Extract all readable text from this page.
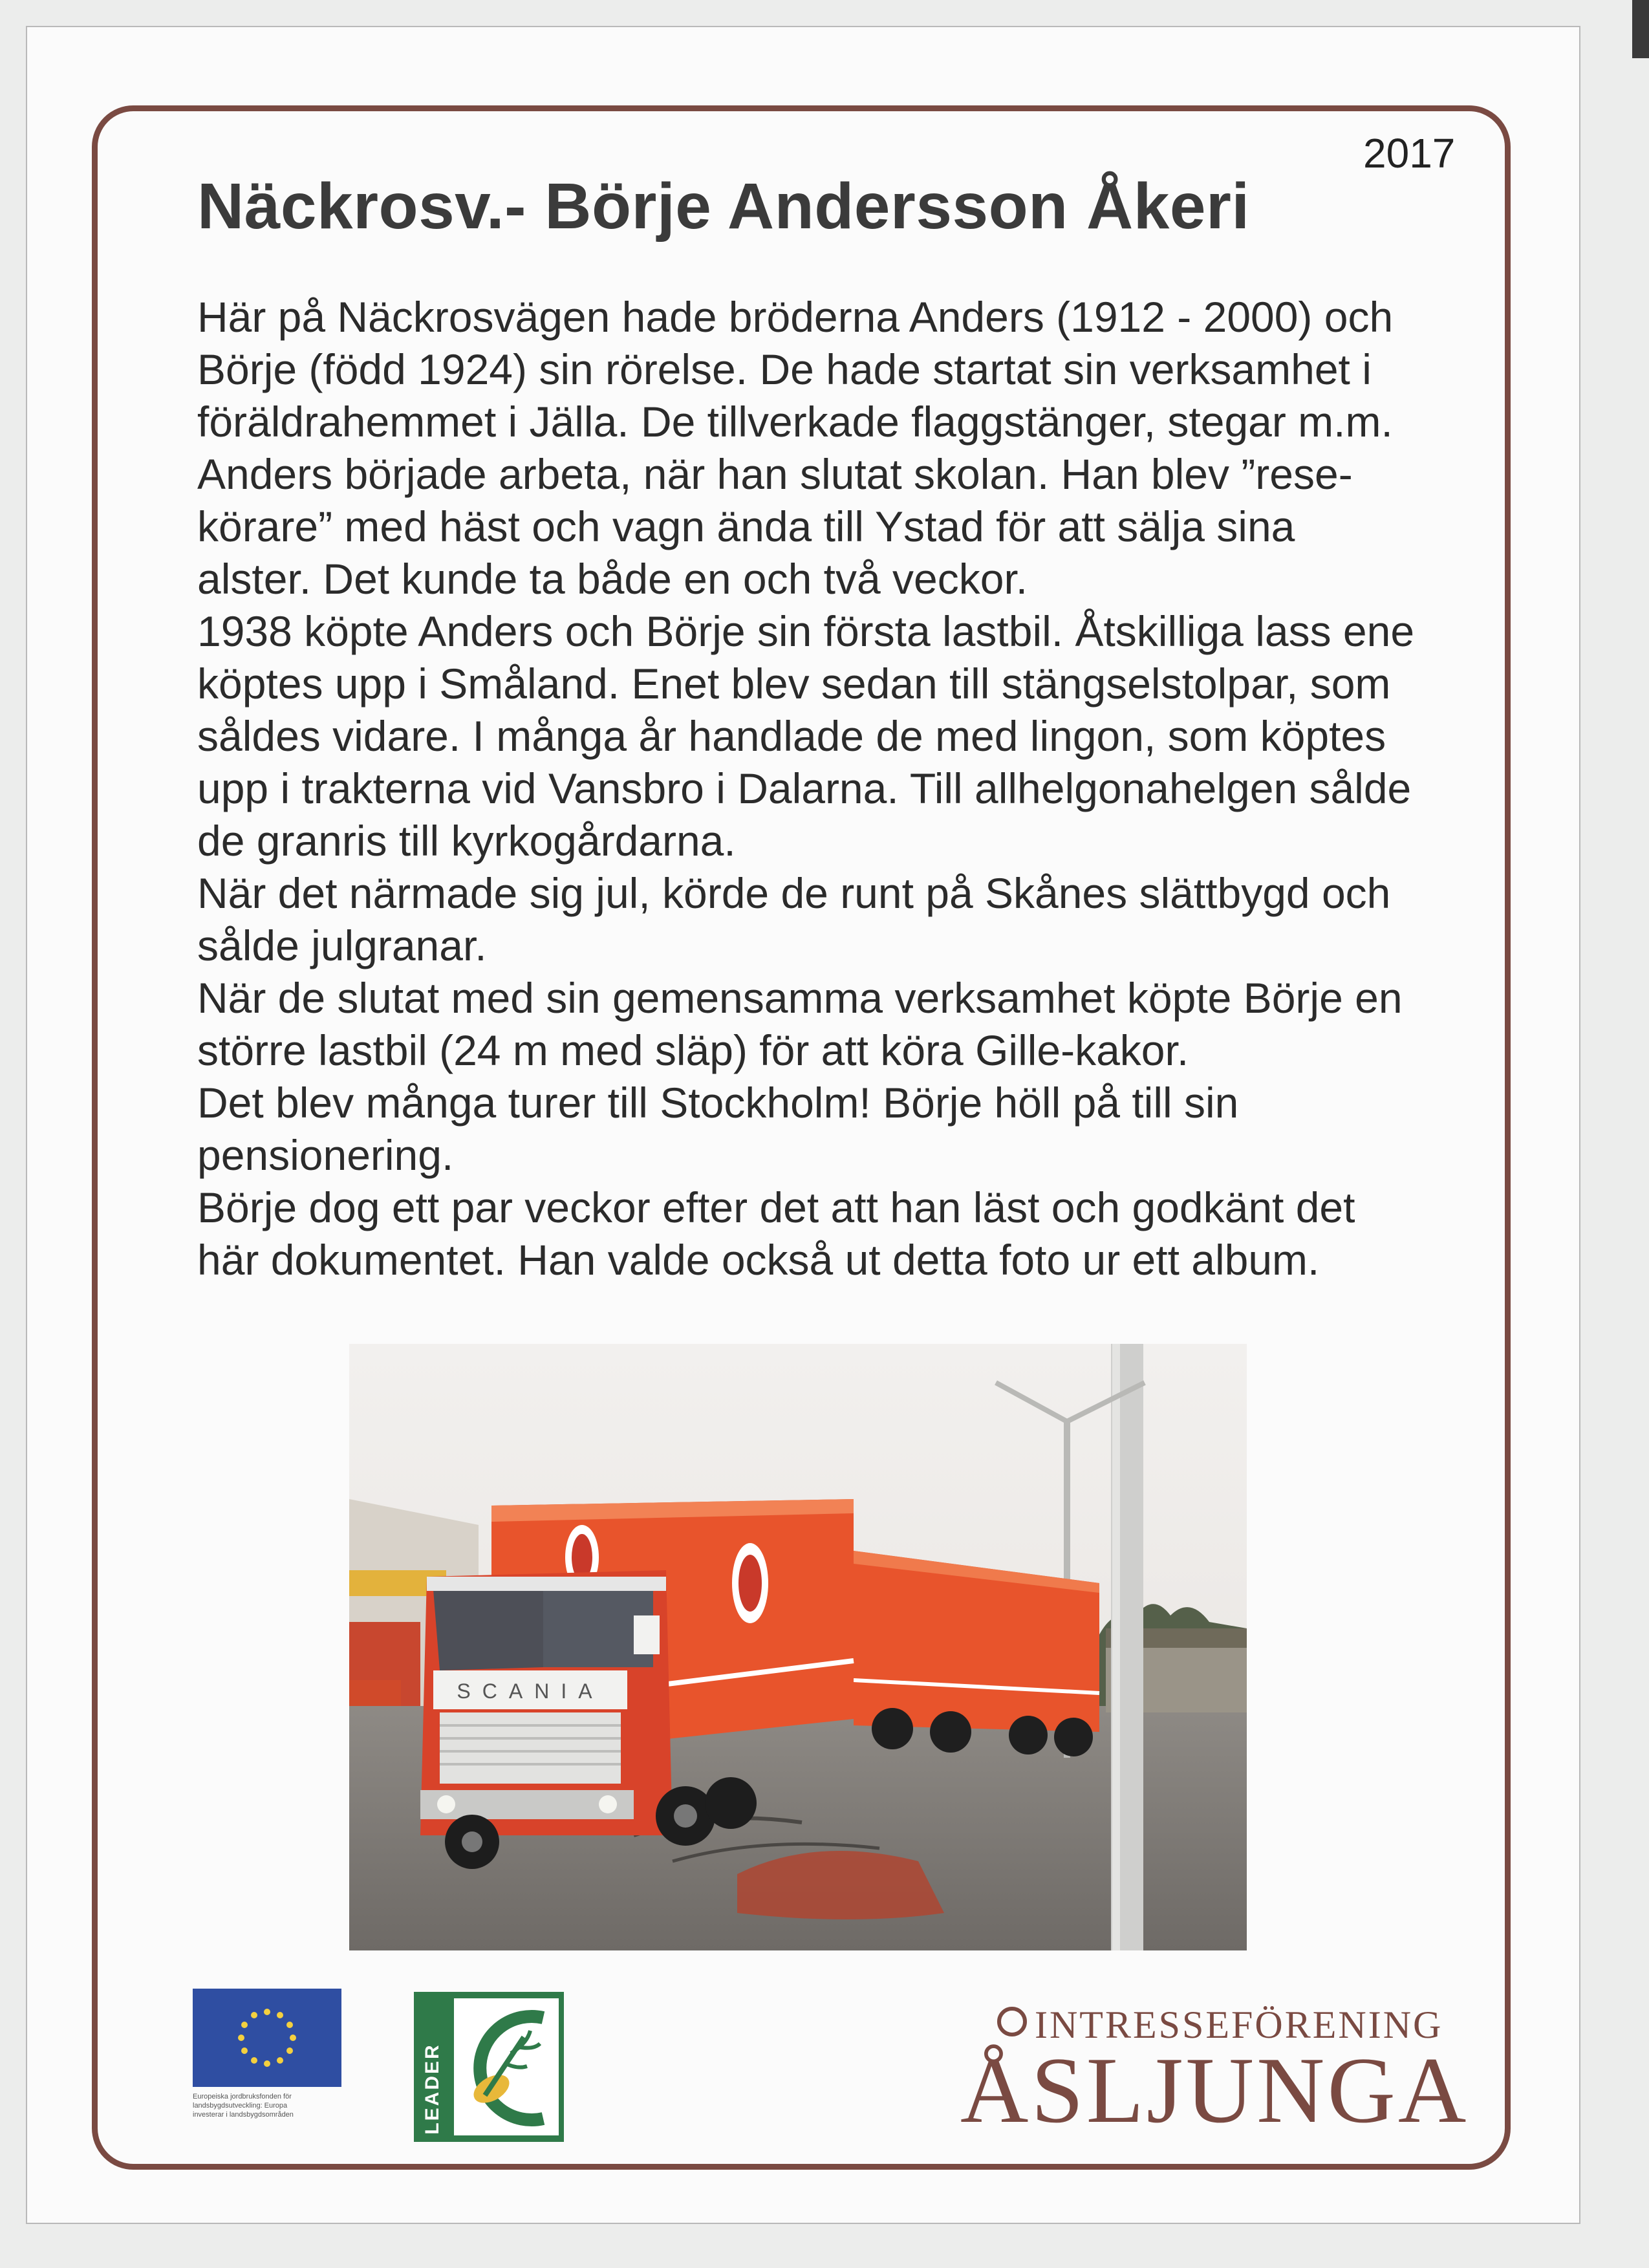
2017
Näckrosv.- Börje Andersson Åkeri

Här på Näckrosvägen hade bröderna Anders (1912 - 2000) och Börje (född 1924) sin rörelse. De hade startat sin verksamhet i föräldrahemmet i Jälla. De tillverkade flaggstänger, stegar m.m.

Anders började arbeta, när han slutat skolan. Han blev ”resekörare” med häst och vagn ända till Ystad för att sälja sina alster. Det kunde ta både en och två veckor.

1938 köpte Anders och Börje sin första lastbil. Åtskilliga lass ene köptes upp i Småland. Enet blev sedan till stängselstolpar, som såldes vidare. I många år handlade de med lingon, som köptes upp i trakterna vid Vansbro i Dalarna. Till allhelgonahelgen sålde de granris till kyrkogårdarna.

När det närmade sig jul, körde de runt på Skånes slättbygd och sålde julgranar.

När de slutat med sin gemensamma verksamhet köpte Börje en större lastbil (24 m med släp) för att köra Gille-kakor.

Det blev många turer till Stockholm! Börje höll på till sin pensionering.

Börje dog ett par veckor efter det att han läst och godkänt det här dokumentet. Han valde också ut detta foto ur ett album.

SCANIA
Europeiska jordbruksfonden för
landsbygdsutveckling: Europa
investerar i landsbygdsområden	LEADER
INTRESSEFÖRENING
ÅSLJUNGA
